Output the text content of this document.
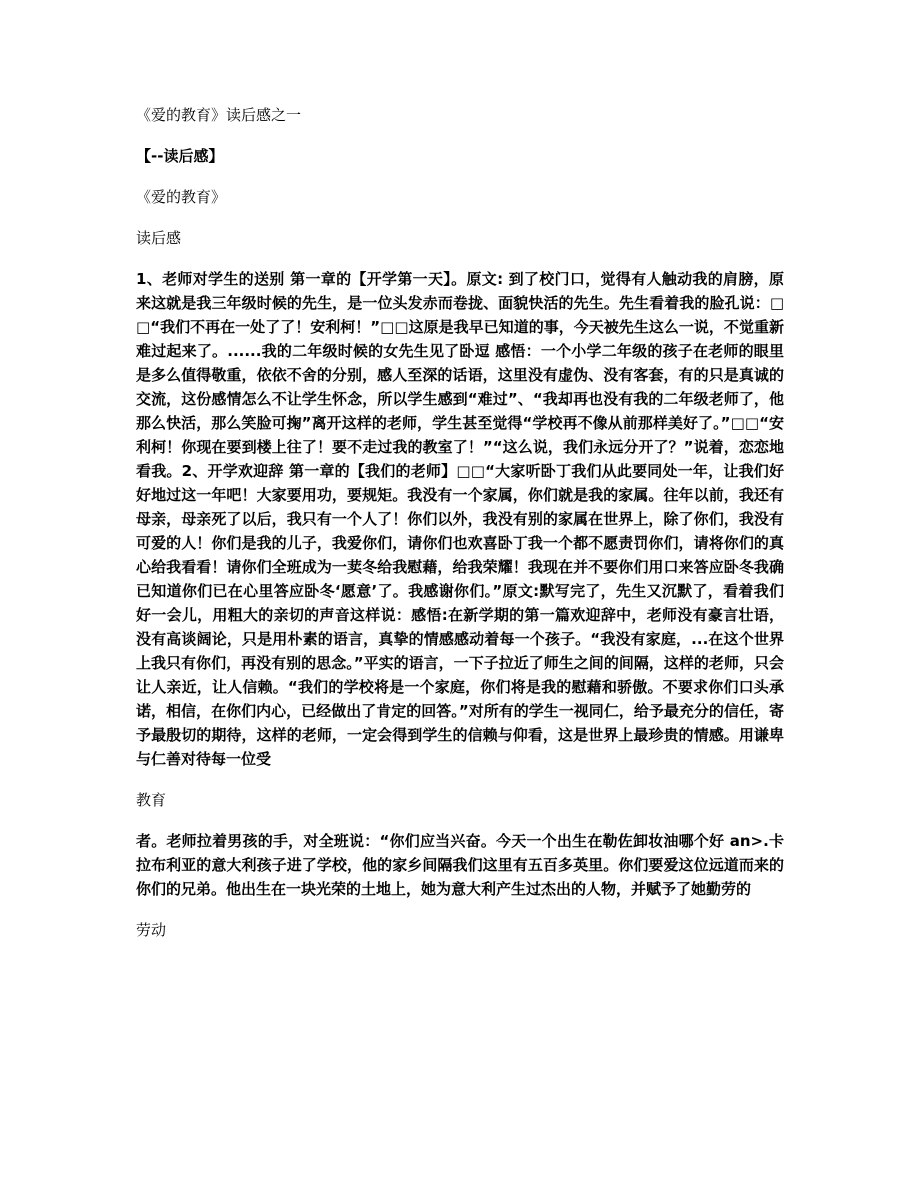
《爱的教育》读后感之一

【--读后感】

《爱的教育》

读后感

1、老师对学生的送别 第一章的【开学第一天】。原文: 到了校门口，觉得有人触动我的肩膀，原来这就是我三年级时候的先生，是一位头发赤而卷拢、面貌快活的先生。先生看着我的脸孔说：□□“我们不再在一处了了！安利柯！”□□这原是我早已知道的事，今天被先生这么一说，不觉重新难过起来了。......我的二年级时候的女先生见了卧逗 感悟：一个小学二年级的孩子在老师的眼里是多么值得敬重，依依不舍的分别，感人至深的话语，这里没有虚伪、没有客套，有的只是真诚的交流，这份感情怎么不让学生怀念，所以学生感到“难过”、“我却再也没有我的二年级老师了，他那么快活，那么笑脸可掬”离开这样的老师，学生甚至觉得“学校再不像从前那样美好了。”□□“安利柯！你现在要到楼上往了！要不走过我的教室了！”“这么说，我们永远分开了？”说着，恋恋地看我。2、开学欢迎辞 第一章的【我们的老师】□□“大家听卧丁我们从此要同处一年，让我们好好地过这一年吧！大家要用功，要规矩。我没有一个家属，你们就是我的家属。往年以前，我还有母亲，母亲死了以后，我只有一个人了！你们以外，我没有别的家属在世界上，除了你们，我没有可爱的人！你们是我的儿子，我爱你们，请你们也欢喜卧丁我一个都不愿责罚你们，请将你们的真心给我看看！请你们全班成为一荬冬给我慰藉，给我荣耀！我现在并不要你们用口来答应卧冬我确已知道你们已在心里答应卧冬‘愿意’了。我感谢你们。”原文:默写完了，先生又沉默了，看着我们好一会儿，用粗大的亲切的声音这样说：感悟:在新学期的第一篇欢迎辞中，老师没有豪言壮语，没有高谈阔论，只是用朴素的语言，真挚的情感感动着每一个孩子。“我没有家庭，...在这个世界上我只有你们，再没有别的思念。”平实的语言，一下子拉近了师生之间的间隔，这样的老师，只会让人亲近，让人信赖。“我们的学校将是一个家庭，你们将是我的慰藉和骄傲。不要求你们口头承诺，相信，在你们内心，已经做出了肯定的回答。”对所有的学生一视同仁，给予最充分的信任，寄予最殷切的期待，这样的老师，一定会得到学生的信赖与仰看，这是世界上最珍贵的情感。用谦卑与仁善对待每一位受

教育

者。老师拉着男孩的手，对全班说：“你们应当兴奋。今天一个出生在勒佐卸妆油哪个好 an>.卡拉布利亚的意大利孩子进了学校，他的家乡间隔我们这里有五百多英里。你们要爱这位远道而来的你们的兄弟。他出生在一块光荣的土地上，她为意大利产生过杰出的人物，并赋予了她勤劳的

劳动
